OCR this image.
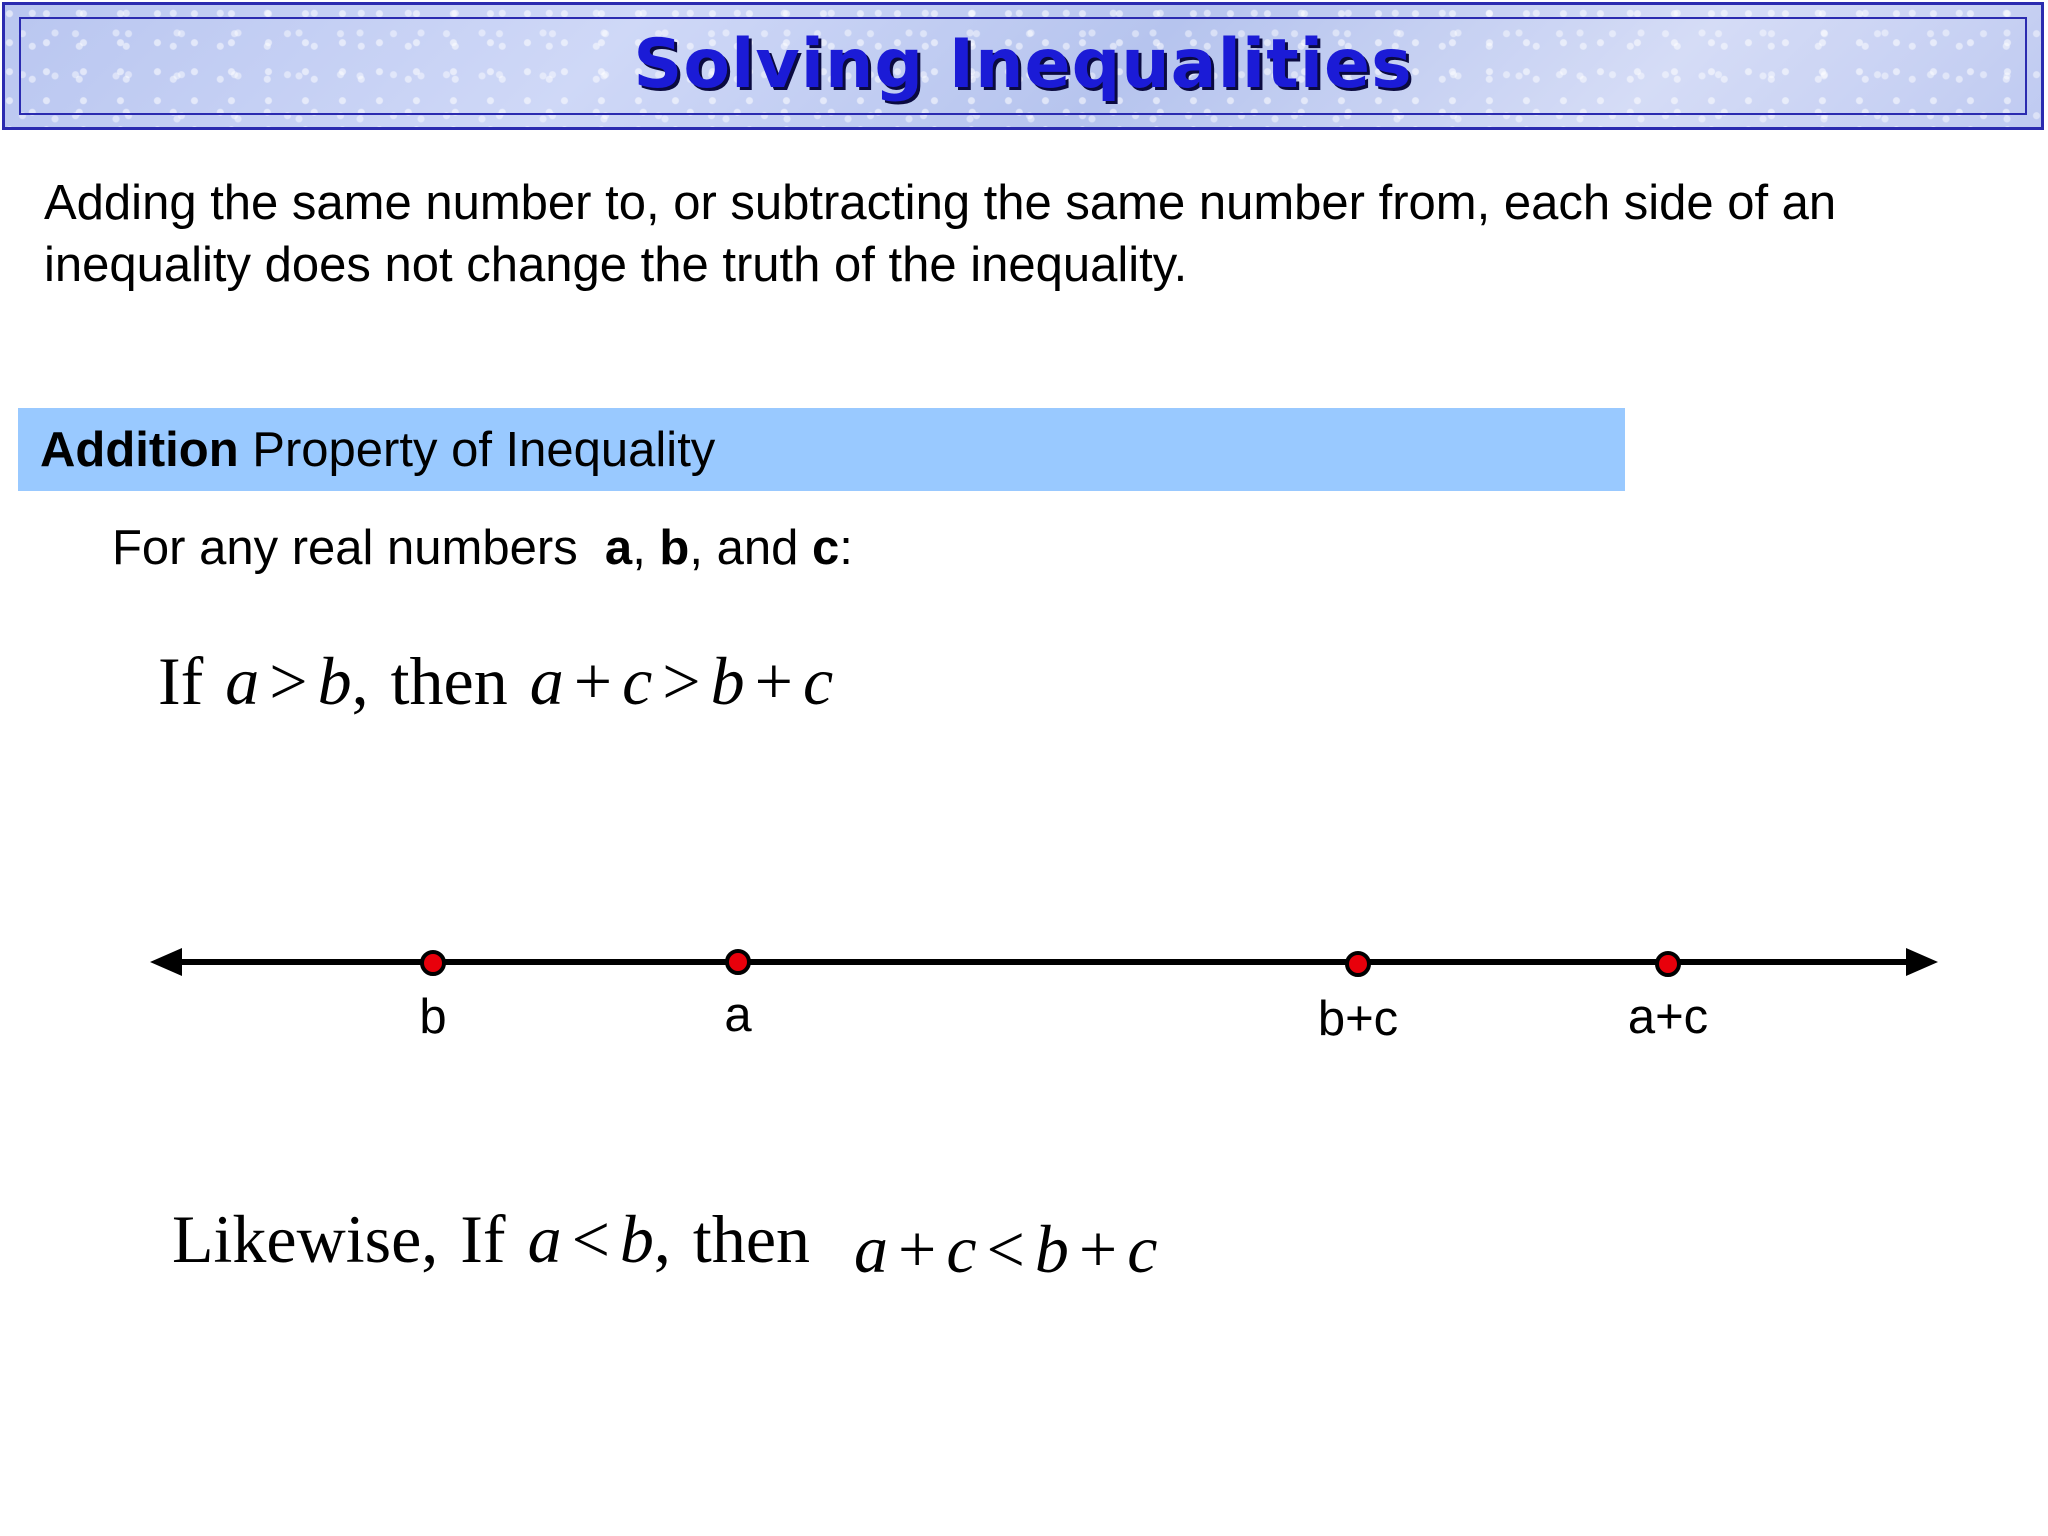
Solving Inequalities
Adding the same number to, or subtracting the same number from, each side of an inequality does not change the truth of the inequality.
Addition Property of Inequality
For any real numbers  a, b, and c:
If a > b, then a + c > b + c
b	a	b+c	a+c
Likewise, If a < b, then a + c < b + c
